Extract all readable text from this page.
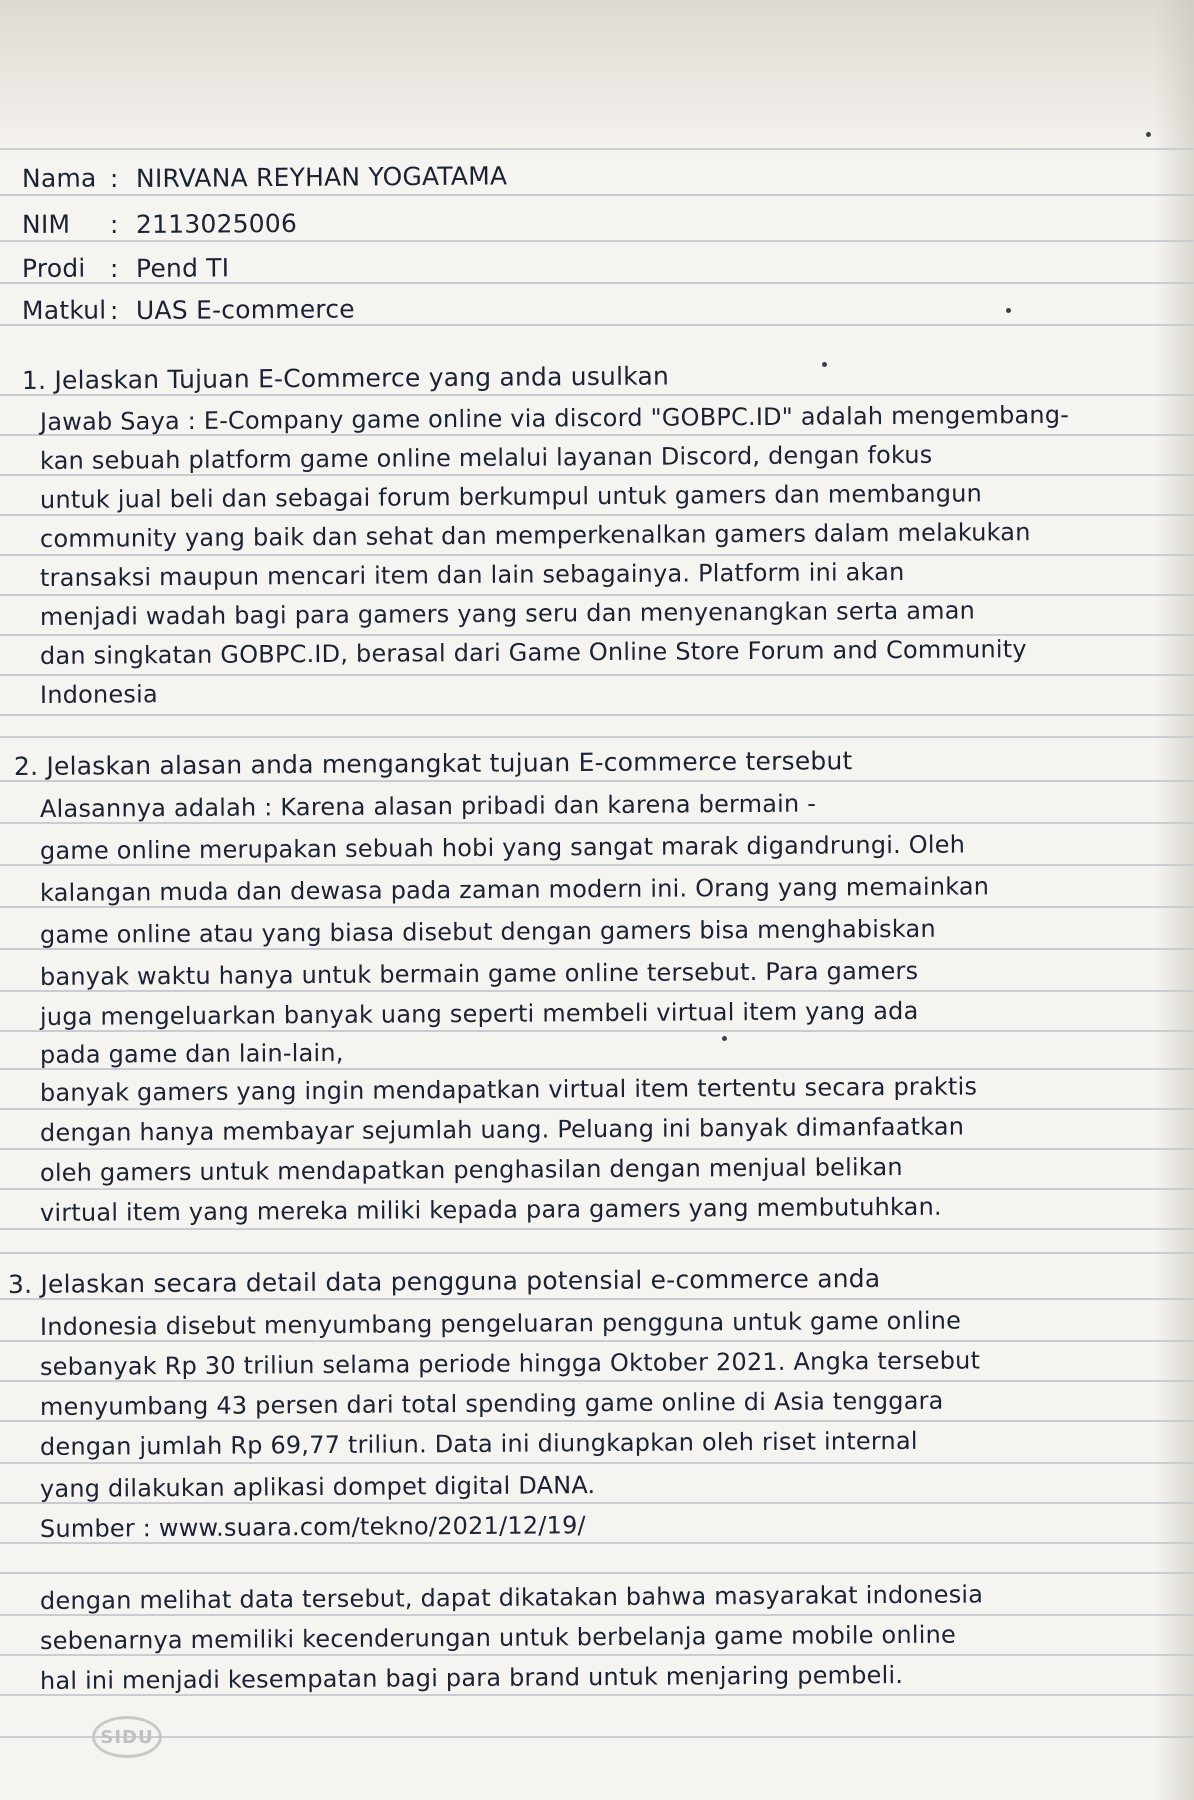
Nama : NIRVANA REYHAN YOGATAMA
NIM : 2113025006
Prodi : Pend TI
Matkul : UAS E-commerce
1. Jelaskan Tujuan E-Commerce yang anda usulkan
Jawab Saya : E-Company game online via discord "GOBPC.ID" adalah mengembang-
kan sebuah platform game online melalui layanan Discord, dengan fokus
untuk jual beli dan sebagai forum berkumpul untuk gamers dan membangun
community yang baik dan sehat dan memperkenalkan gamers dalam melakukan
transaksi maupun mencari item dan lain sebagainya. Platform ini akan
menjadi wadah bagi para gamers yang seru dan menyenangkan serta aman
dan singkatan GOBPC.ID, berasal dari Game Online Store Forum and Community
Indonesia
2. Jelaskan alasan anda mengangkat tujuan E-commerce tersebut
Alasannya adalah : Karena alasan pribadi dan karena bermain -
game online merupakan sebuah hobi yang sangat marak digandrungi. Oleh
kalangan muda dan dewasa pada zaman modern ini. Orang yang memainkan
game online atau yang biasa disebut dengan gamers bisa menghabiskan
banyak waktu hanya untuk bermain game online tersebut. Para gamers
juga mengeluarkan banyak uang seperti membeli virtual item yang ada
pada game dan lain-lain,
banyak gamers yang ingin mendapatkan virtual item tertentu secara praktis
dengan hanya membayar sejumlah uang. Peluang ini banyak dimanfaatkan
oleh gamers untuk mendapatkan penghasilan dengan menjual belikan
virtual item yang mereka miliki kepada para gamers yang membutuhkan.
3. Jelaskan secara detail data pengguna potensial e-commerce anda
Indonesia disebut menyumbang pengeluaran pengguna untuk game online
sebanyak Rp 30 triliun selama periode hingga Oktober 2021. Angka tersebut
menyumbang 43 persen dari total spending game online di Asia tenggara
dengan jumlah Rp 69,77 triliun. Data ini diungkapkan oleh riset internal
yang dilakukan aplikasi dompet digital DANA.
Sumber : www.suara.com/tekno/2021/12/19/
dengan melihat data tersebut, dapat dikatakan bahwa masyarakat indonesia
sebenarnya memiliki kecenderungan untuk berbelanja game mobile online
hal ini menjadi kesempatan bagi para brand untuk menjaring pembeli.
SIDU
